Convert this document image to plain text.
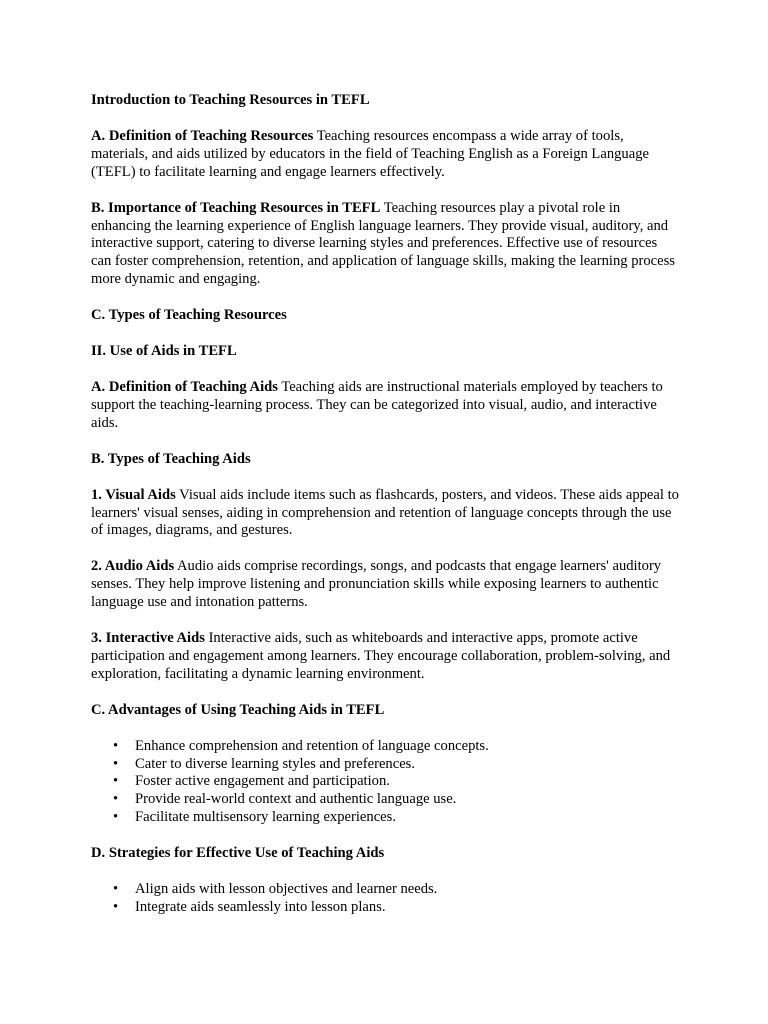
Introduction to Teaching Resources in TEFL

A. Definition of Teaching Resources Teaching resources encompass a wide array of tools, materials, and aids utilized by educators in the field of Teaching English as a Foreign Language (TEFL) to facilitate learning and engage learners effectively.

B. Importance of Teaching Resources in TEFL Teaching resources play a pivotal role in enhancing the learning experience of English language learners. They provide visual, auditory, and interactive support, catering to diverse learning styles and preferences. Effective use of resources can foster comprehension, retention, and application of language skills, making the learning process more dynamic and engaging.

C. Types of Teaching Resources

II. Use of Aids in TEFL

A. Definition of Teaching Aids Teaching aids are instructional materials employed by teachers to support the teaching-learning process. They can be categorized into visual, audio, and interactive aids.

B. Types of Teaching Aids

1. Visual Aids Visual aids include items such as flashcards, posters, and videos. These aids appeal to learners' visual senses, aiding in comprehension and retention of language concepts through the use of images, diagrams, and gestures.

2. Audio Aids Audio aids comprise recordings, songs, and podcasts that engage learners' auditory senses. They help improve listening and pronunciation skills while exposing learners to authentic language use and intonation patterns.

3. Interactive Aids Interactive aids, such as whiteboards and interactive apps, promote active participation and engagement among learners. They encourage collaboration, problem-solving, and exploration, facilitating a dynamic learning environment.

C. Advantages of Using Teaching Aids in TEFL

• Enhance comprehension and retention of language concepts.
• Cater to diverse learning styles and preferences.
• Foster active engagement and participation.
• Provide real-world context and authentic language use.
• Facilitate multisensory learning experiences.

D. Strategies for Effective Use of Teaching Aids

• Align aids with lesson objectives and learner needs.
• Integrate aids seamlessly into lesson plans.
